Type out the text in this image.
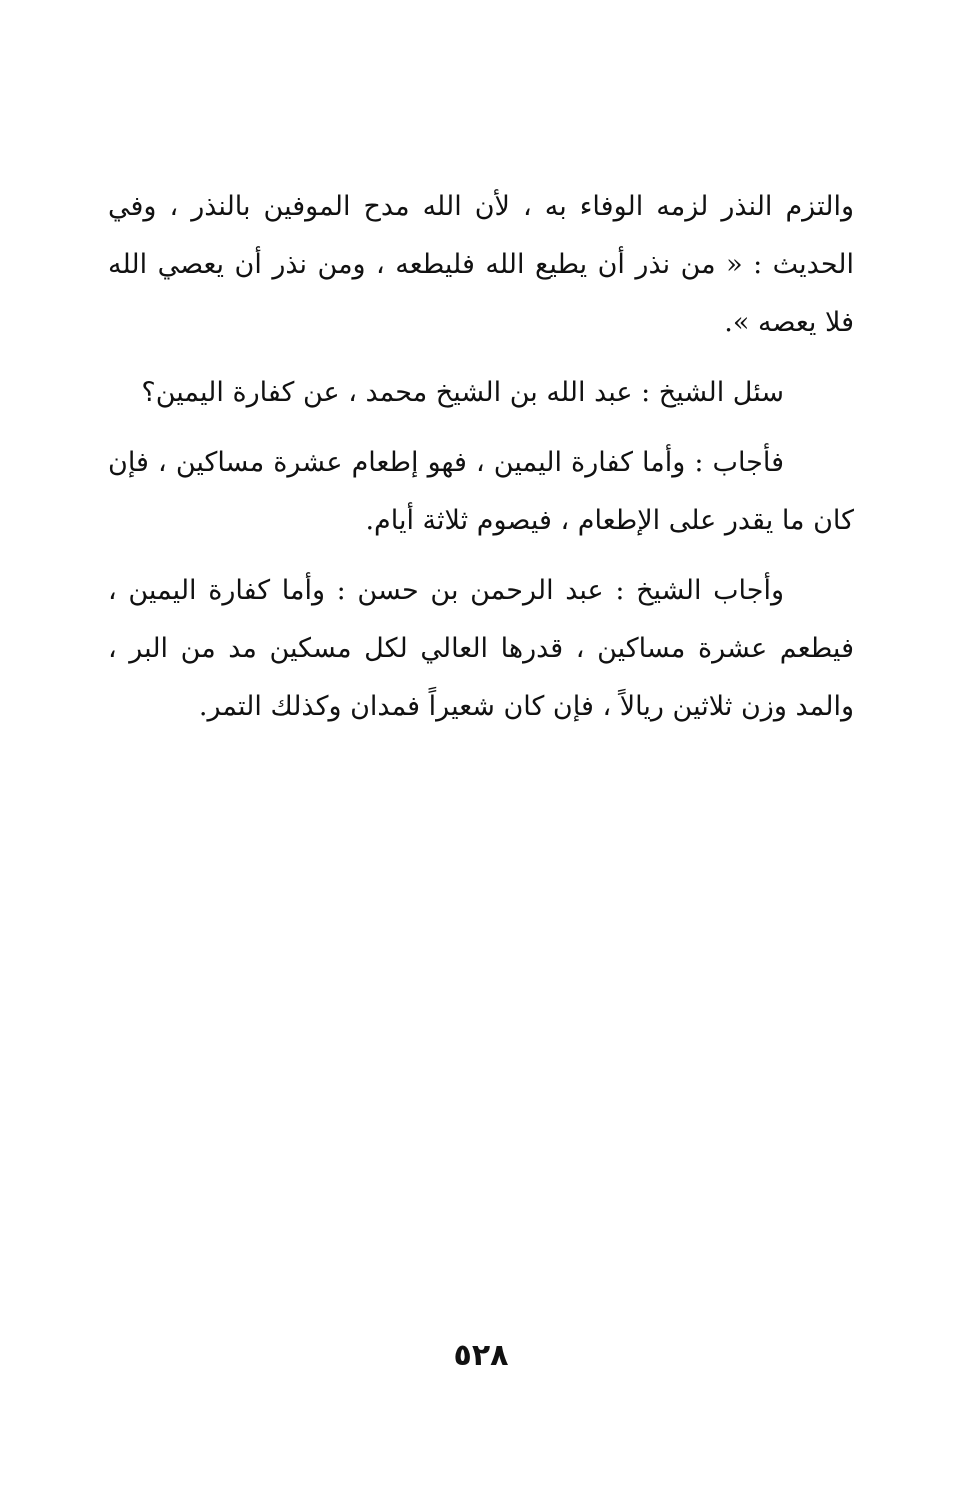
والتزم النذر لزمه الوفاء به ، لأن الله مدح الموفين بالنذر ، وفي الحديث : « من نذر أن يطيع الله فليطعه ، ومن نذر أن يعصي الله فلا يعصه ».

سئل الشيخ : عبد الله بن الشيخ محمد ، عن كفارة اليمين؟

فأجاب : وأما كفارة اليمين ، فهو إطعام عشرة مساكين ، فإن كان ما يقدر على الإطعام ، فيصوم ثلاثة أيام.

وأجاب الشيخ : عبد الرحمن بن حسن : وأما كفارة اليمين ، فيطعم عشرة مساكين ، قدرها العالي لكل مسكين مد من البر ، والمد وزن ثلاثين ريالاً ، فإن كان شعيراً فمدان وكذلك التمر.

٥٢٨
